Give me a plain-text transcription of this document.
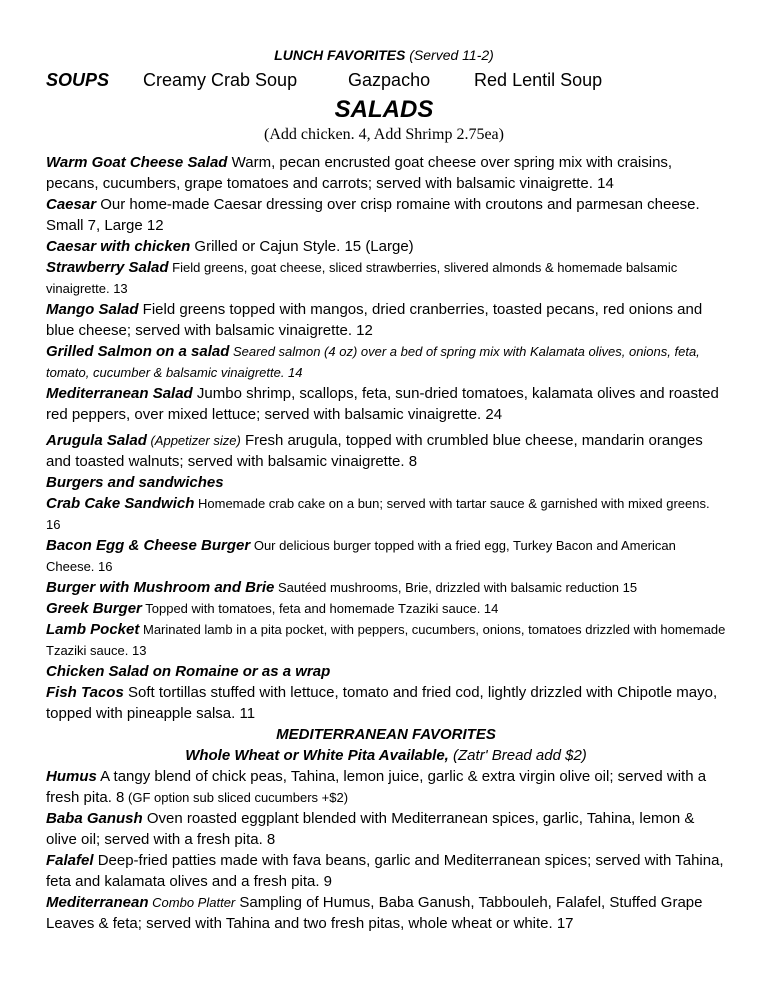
LUNCH FAVORITES (Served 11-2)
SOUPS Creamy Crab Soup	Gazpacho Red Lentil Soup
SALADS
(Add chicken. 4, Add Shrimp 2.75ea)

Warm Goat Cheese Salad Warm, pecan encrusted goat cheese over spring mix with craisins, pecans, cucumbers, grape tomatoes and carrots; served with balsamic vinaigrette. 14

Caesar Our home-made Caesar dressing over crisp romaine with croutons and parmesan cheese. Small 7, Large 12

Caesar with chicken Grilled or Cajun Style. 15 (Large)

Strawberry Salad Field greens, goat cheese, sliced strawberries, slivered almonds & homemade balsamic vinaigrette. 13

Mango Salad Field greens topped with mangos, dried cranberries, toasted pecans, red onions and blue cheese; served with balsamic vinaigrette. 12

Grilled Salmon on a salad Seared salmon (4 oz) over a bed of spring mix with Kalamata olives, onions, feta, tomato, cucumber & balsamic vinaigrette. 14

Mediterranean Salad Jumbo shrimp, scallops, feta, sun-dried tomatoes, kalamata olives and roasted red peppers, over mixed lettuce; served with balsamic vinaigrette. 24

Arugula Salad (Appetizer size) Fresh arugula, topped with crumbled blue cheese, mandarin oranges and toasted walnuts; served with balsamic vinaigrette. 8

Burgers and sandwiches

Crab Cake Sandwich Homemade crab cake on a bun; served with tartar sauce & garnished with mixed greens. 16

Bacon Egg & Cheese Burger Our delicious burger topped with a fried egg, Turkey Bacon and American Cheese. 16

Burger with Mushroom and Brie Sautéed mushrooms, Brie, drizzled with balsamic reduction 15

Greek Burger Topped with tomatoes, feta and homemade Tzaziki sauce. 14

Lamb Pocket Marinated lamb in a pita pocket, with peppers, cucumbers, onions, tomatoes drizzled with homemade Tzaziki sauce. 13

Chicken Salad on Romaine or as a wrap

Fish Tacos Soft tortillas stuffed with lettuce, tomato and fried cod, lightly drizzled with Chipotle mayo, topped with pineapple salsa. 11

MEDITERRANEAN FAVORITES

Whole Wheat or White Pita Available, (Zatr' Bread add $2)

Humus A tangy blend of chick peas, Tahina, lemon juice, garlic & extra virgin olive oil; served with a fresh pita. 8 (GF option sub sliced cucumbers +$2)

Baba Ganush Oven roasted eggplant blended with Mediterranean spices, garlic, Tahina, lemon & olive oil; served with a fresh pita. 8

Falafel Deep-fried patties made with fava beans, garlic and Mediterranean spices; served with Tahina, feta and kalamata olives and a fresh pita. 9

Mediterranean Combo Platter Sampling of Humus, Baba Ganush, Tabbouleh, Falafel, Stuffed Grape Leaves & feta; served with Tahina and two fresh pitas, whole wheat or white. 17
